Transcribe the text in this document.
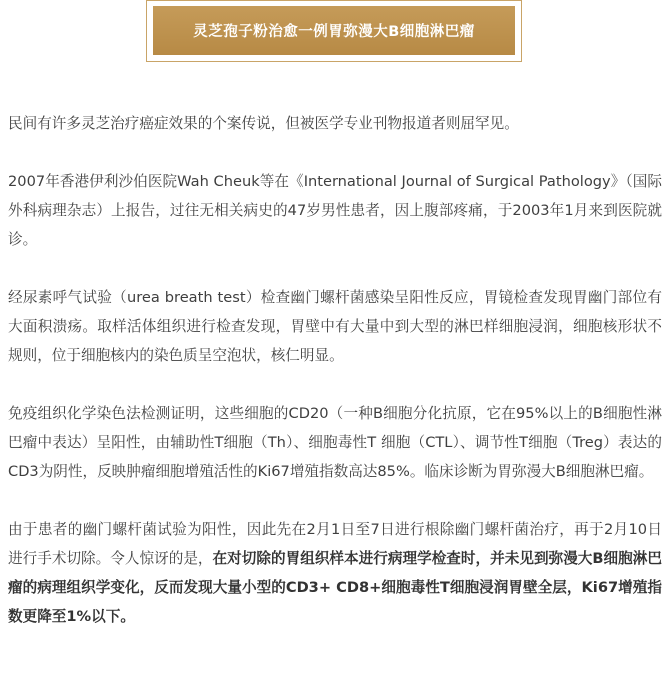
灵芝孢子粉治愈一例胃弥漫大B细胞淋巴瘤

民间有许多灵芝治疗癌症效果的个案传说，但被医学专业刊物报道者则屈罕见。

2007年香港伊利沙伯医院Wah Cheuk等在《International Journal of Surgical Pathology》（国际外科病理杂志）上报告，过往无相关病史的47岁男性患者，因上腹部疼痛，于2003年1月来到医院就诊。

经尿素呼气试验（urea breath test）检查幽门螺杆菌感染呈阳性反应，胃镜检查发现胃幽门部位有大面积溃疡。取样活体组织进行检查发现，胃壁中有大量中到大型的淋巴样细胞浸润，细胞核形状不规则，位于细胞核内的染色质呈空泡状，核仁明显。

免疫组织化学染色法检测证明，这些细胞的CD20（一种B细胞分化抗原，它在95%以上的B细胞性淋巴瘤中表达）呈阳性，由辅助性T细胞（Th）、细胞毒性T 细胞（CTL）、调节性T细胞（Treg）表达的CD3为阴性，反映肿瘤细胞增殖活性的Ki67增殖指数高达85%。临床诊断为胃弥漫大B细胞淋巴瘤。

由于患者的幽门螺杆菌试验为阳性，因此先在2月1日至7日进行根除幽门螺杆菌治疗，再于2月10日进行手术切除。令人惊讶的是，在对切除的胃组织样本进行病理学检查时，并未见到弥漫大B细胞淋巴瘤的病理组织学变化，反而发现大量小型的CD3+ CD8+细胞毒性T细胞浸润胃壁全层，Ki67增殖指数更降至1%以下。
